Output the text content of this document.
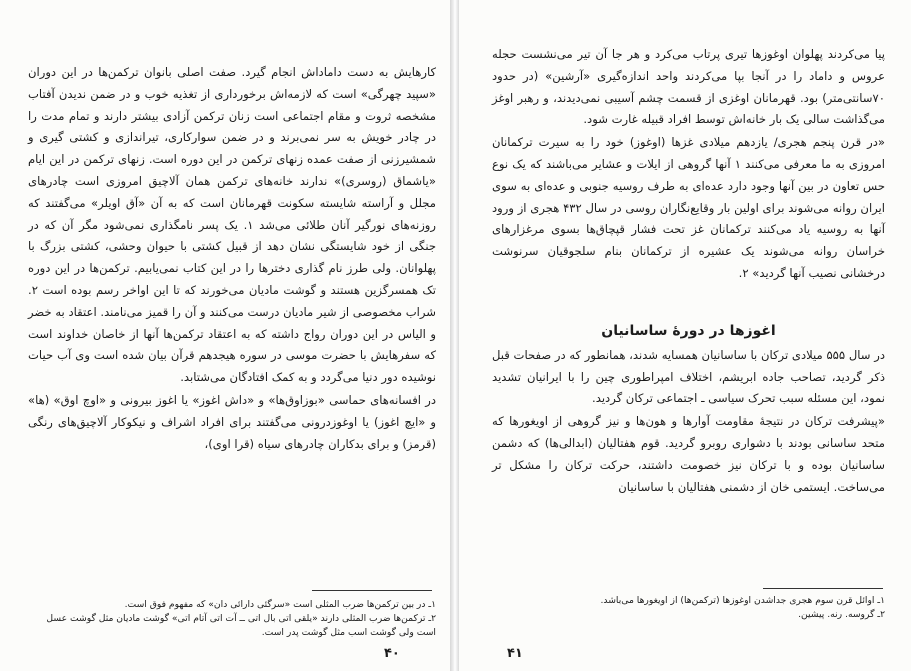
کارهایش به دست داماداش انجام گیرد. صفت اصلی بانوان ترکمن‌ها در این دوران «سپید چهرگی» است که لازمه‌اش برخورداری از تغذیه خوب و در ضمن ندیدن آفتاب مشخصه ثروت و مقام اجتماعی است زنان ترکمن آزادی بیشتر دارند و تمام مدت را در چادر خویش به سر نمی‌برند و در ضمن سوارکاری، تیراندازی و کشتی گیری و شمشیرزنی از صفت عمده زنهای ترکمن در این دوره است. زنهای ترکمن در این ایام «یاشماق (روسری)» ندارند خانه‌های ترکمن همان آلاچیق امروزی است چادرهای مجلل و آراسته شایسته سکونت قهرمانان است که به آن «آق اویلر» می‌گفتند که روزنه‌های نورگیر آنان طلائی می‌شد ۱. یک پسر نامگذاری نمی‌شود مگر آن که در جنگی از خود شایستگی نشان دهد از قبیل کشتی با حیوان وحشی، کشتی بزرگ با پهلوانان. ولی طرز نام گذاری دخترها را در این کتاب نمی‌یابیم. ترکمن‌ها در این دوره تک همسرگزین هستند و گوشت مادیان می‌خورند که تا این اواخر رسم بوده است ۲. شراب مخصوصی از شیر مادیان درست می‌کنند و آن را قمیز می‌نامند. اعتقاد به خضر و الیاس در این دوران رواج داشته که به اعتقاد ترکمن‌ها آنها از خاصان خداوند است که سفرهایش با حضرت موسی در سوره هیجدهم قرآن بیان شده است وی آب حیات نوشیده دور دنیا می‌گردد و به کمک افتادگان می‌شتابد.

در افسانه‌های حماسی «بوزاوق‌ها» و «داش اغوز» یا اغوز بیرونی و «اوچ اوق» (ها» و «ایچ اغوز) یا اوغوزدرونی می‌گفتند برای افراد اشراف و نیکوکار آلاچیق‌های رنگی (قرمز) و برای بدکاران چادرهای سیاه (قرا اوی)،

۱ـ در بین ترکمن‌ها ضرب المثلی است «سرگئی دارائی دان» که مفهوم فوق است.

۲ـ ترکمن‌ها ضرب المثلی دارند «یلقی اتی بال اتی ــ آت اتی آتام اتی» گوشت مادیان مثل گوشت عسل است ولی گوشت اسب مثل گوشت پدر است.

۴۰

پیا می‌کردند پهلوان اوغوزها تیری پرتاب می‌کرد و هر جا آن تیر می‌نشست حجله عروس و داماد را در آنجا بپا می‌کردند واحد اندازه‌گیری «آرشین» (در حدود ۷۰سانتی‌متر) بود. قهرمانان اوغزی از قسمت چشم آسیبی نمی‌دیدند، و رهبر اوغز می‌گذاشت سالی یک بار خانه‌اش توسط افراد قبیله غارت شود.

«در قرن پنجم هجری/ یازدهم میلادی غزها (اوغوز) خود را به سیرت ترکمانان امروزی به ما معرفی می‌کنند ۱ آنها گروهی از ایلات و عشایر می‌باشند که یک نوع حس تعاون در بین آنها وجود دارد عده‌ای به طرف روسیه جنوبی و عده‌ای به سوی ایران روانه می‌شوند برای اولین بار وقایع‌نگاران روسی در سال ۴۳۲ هجری از ورود آنها به روسیه یاد می‌کنند ترکمانان غز تحت فشار قپچاق‌ها بسوی مرغزارهای خراسان روانه می‌شوند یک عشیره از ترکمانان بنام سلجوقیان سرنوشت درخشانی نصیب آنها گردید» ۲.

اغوزها در دورهٔ ساسانیان

در سال ۵۵۵ میلادی ترکان با ساسانیان همسایه شدند، همانطور که در صفحات قبل ذکر گردید، تصاحب جاده ابریشم، اختلاف امپراطوری چین را با ایرانیان تشدید نمود، این مسئله سبب تحرک سیاسی ـ اجتماعی ترکان گردید.

«پیشرفت ترکان در نتیجهٔ مقاومت آوارها و هون‌ها و نیز گروهی از اویغورها که متحد ساسانی بودند با دشواری روبرو گردید. قوم هفتالیان (ابدالی‌ها) که دشمن ساسانیان بوده و با ترکان نیز خصومت داشتند، حرکت ترکان را مشکل تر می‌ساخت. ایستمی خان از دشمنی هفتالیان با ساسانیان

۱ـ اوائل قرن سوم هجری جداشدن اوغوزها (ترکمن‌ها) از اویغورها می‌باشد.

۲ـ گروسه. رنه. پیشین.

۴۱
